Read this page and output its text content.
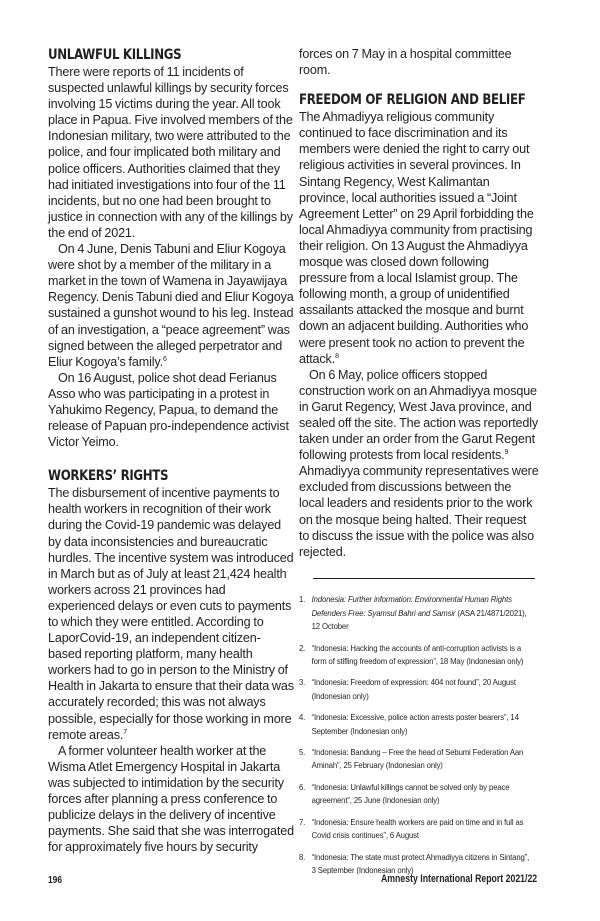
UNLAWFUL KILLINGS

There were reports of 11 incidents of suspected unlawful killings by security forces involving 15 victims during the year. All took place in Papua. Five involved members of the Indonesian military, two were attributed to the police, and four implicated both military and police officers. Authorities claimed that they had initiated investigations into four of the 11 incidents, but no one had been brought to justice in connection with any of the killings by the end of 2021.

On 4 June, Denis Tabuni and Eliur Kogoya were shot by a member of the military in a market in the town of Wamena in Jayawijaya Regency. Denis Tabuni died and Eliur Kogoya sustained a gunshot wound to his leg. Instead of an investigation, a “peace agreement” was signed between the alleged perpetrator and Eliur Kogoya’s family.$^6$

On 16 August, police shot dead Ferianus Asso who was participating in a protest in Yahukimo Regency, Papua, to demand the release of Papuan pro-independence activist Victor Yeimo.

WORKERS’ RIGHTS

The disbursement of incentive payments to health workers in recognition of their work during the Covid-19 pandemic was delayed by data inconsistencies and bureaucratic hurdles. The incentive system was introduced in March but as of July at least 21,424 health workers across 21 provinces had experienced delays or even cuts to payments to which they were entitled. According to LaporCovid-19, an independent citizen-based reporting platform, many health workers had to go in person to the Ministry of Health in Jakarta to ensure that their data was accurately recorded; this was not always possible, especially for those working in more remote areas.$^7$

A former volunteer health worker at the Wisma Atlet Emergency Hospital in Jakarta was subjected to intimidation by the security forces after planning a press conference to publicize delays in the delivery of incentive payments. She said that she was interrogated for approximately five hours by security

forces on 7 May in a hospital committee room.

FREEDOM OF RELIGION AND BELIEF

The Ahmadiyya religious community continued to face discrimination and its members were denied the right to carry out religious activities in several provinces. In Sintang Regency, West Kalimantan province, local authorities issued a “Joint Agreement Letter” on 29 April forbidding the local Ahmadiyya community from practising their religion. On 13 August the Ahmadiyya mosque was closed down following pressure from a local Islamist group. The following month, a group of unidentified assailants attacked the mosque and burnt down an adjacent building. Authorities who were present took no action to prevent the attack.$^8$

On 6 May, police officers stopped construction work on an Ahmadiyya mosque in Garut Regency, West Java province, and sealed off the site. The action was reportedly taken under an order from the Garut Regent following protests from local residents.$^9$
Ahmadiyya community representatives were excluded from discussions between the local leaders and residents prior to the work on the mosque being halted. Their request to discuss the issue with the police was also rejected.

1. Indonesia: Further information: Environmental Human Rights Defenders Free: Syamsul Bahri and Samsir (ASA 21/4871/2021), 12 October
2. “Indonesia: Hacking the accounts of anti-corruption activists is a form of stifling freedom of expression”, 18 May (Indonesian only)
3. “Indonesia: Freedom of expression: 404 not found”, 20 August (Indonesian only)
4. “Indonesia: Excessive, police action arrests poster bearers”, 14 September (Indonesian only)
5. “Indonesia: Bandung – Free the head of Sebumi Federation Aan Aminah”, 25 February (Indonesian only)
6. “Indonesia: Unlawful killings cannot be solved only by peace agreement”, 25 June (Indonesian only)
7. “Indonesia: Ensure health workers are paid on time and in full as Covid crisis continues”, 6 August
8. “Indonesia: The state must protect Ahmadiyya citizens in Sintang”, 3 September (Indonesian only)
196	Amnesty International Report 2021/22
